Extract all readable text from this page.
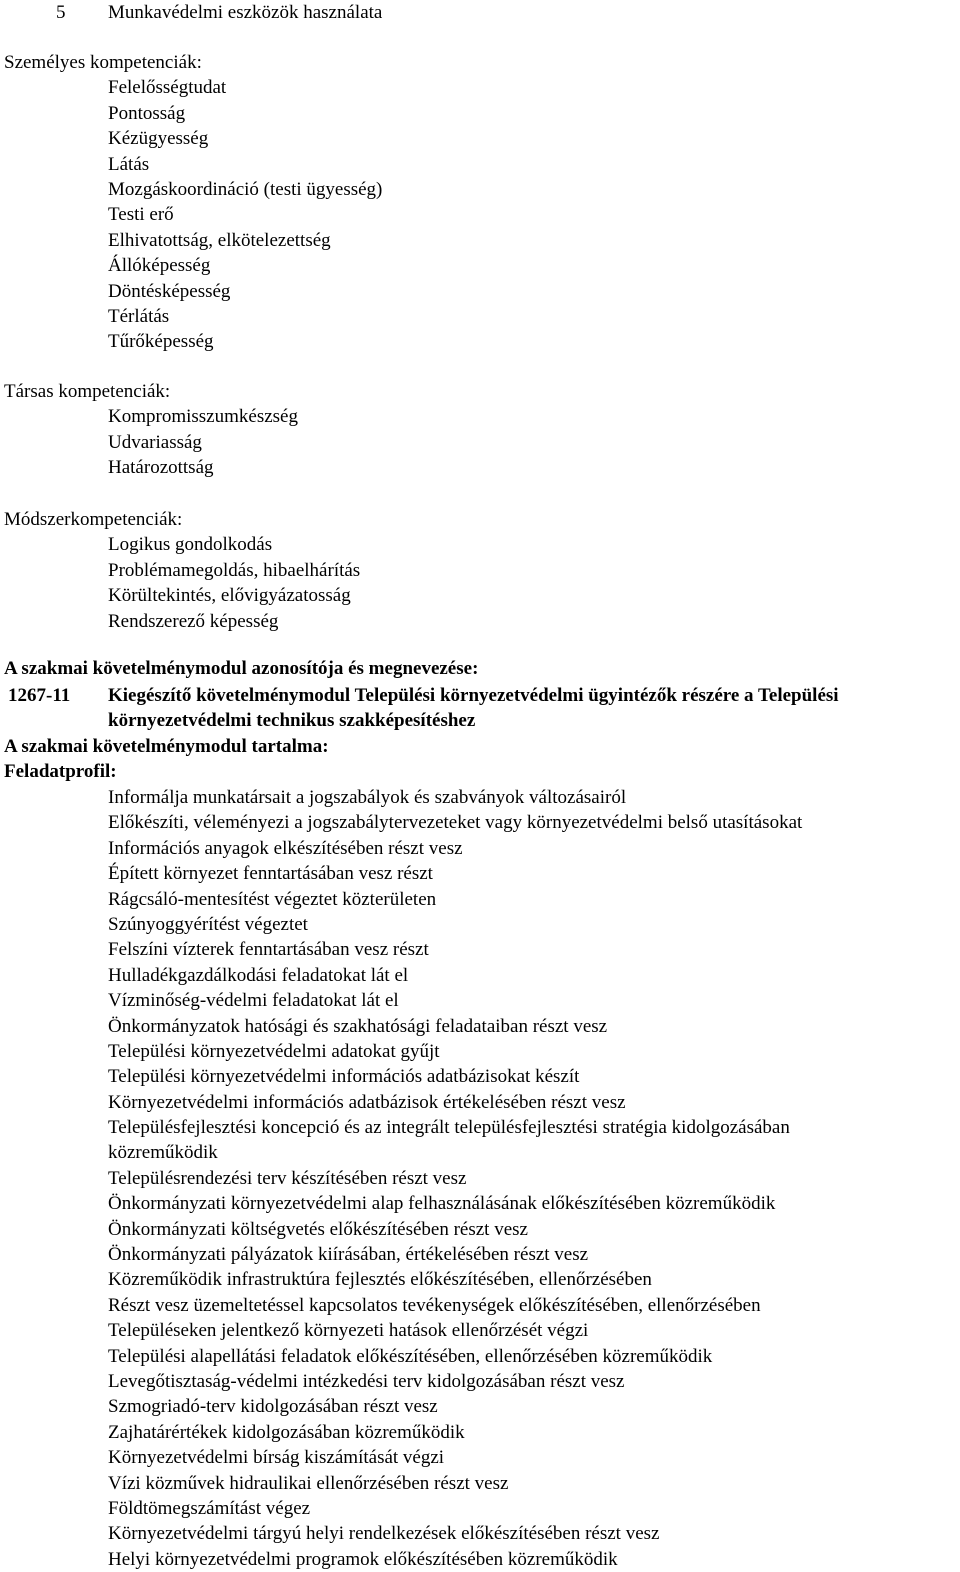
5 Munkavédelmi eszközök használata
Személyes kompetenciák:
Felelősségtudat
Pontosság
Kézügyesség
Látás
Mozgáskoordináció (testi ügyesség)
Testi erő
Elhivatottság, elkötelezettség
Állóképesség
Döntésképesség
Térlátás
Tűrőképesség
Társas kompetenciák:
Kompromisszumkészség
Udvariasság
Határozottság
Módszerkompetenciák:
Logikus gondolkodás
Problémamegoldás, hibaelhárítás
Körültekintés, elővigyázatosság
Rendszerező képesség
A szakmai követelménymodul azonosítója és megnevezése:
1267-11 Kiegészítő követelménymodul Települési környezetvédelmi ügyintézők részére a Települési
környezetvédelmi technikus szakképesítéshez
A szakmai követelménymodul tartalma:
Feladatprofil:
Informálja munkatársait a jogszabályok és szabványok változásairól
Előkészíti, véleményezi a jogszabálytervezeteket vagy környezetvédelmi belső utasításokat
Információs anyagok elkészítésében részt vesz
Épített környezet fenntartásában vesz részt
Rágcsáló-mentesítést végeztet közterületen
Szúnyoggyérítést végeztet
Felszíni vízterek fenntartásában vesz részt
Hulladékgazdálkodási feladatokat lát el
Vízminőség-védelmi feladatokat lát el
Önkormányzatok hatósági és szakhatósági feladataiban részt vesz
Települési környezetvédelmi adatokat gyűjt
Települési környezetvédelmi információs adatbázisokat készít
Környezetvédelmi információs adatbázisok értékelésében részt vesz
Településfejlesztési koncepció és az integrált településfejlesztési stratégia kidolgozásában
közreműködik
Településrendezési terv készítésében részt vesz
Önkormányzati környezetvédelmi alap felhasználásának előkészítésében közreműködik
Önkormányzati költségvetés előkészítésében részt vesz
Önkormányzati pályázatok kiírásában, értékelésében részt vesz
Közreműködik infrastruktúra fejlesztés előkészítésében, ellenőrzésében
Részt vesz üzemeltetéssel kapcsolatos tevékenységek előkészítésében, ellenőrzésében
Településeken jelentkező környezeti hatások ellenőrzését végzi
Települési alapellátási feladatok előkészítésében, ellenőrzésében közreműködik
Levegőtisztaság-védelmi intézkedési terv kidolgozásában részt vesz
Szmogriadó-terv kidolgozásában részt vesz
Zajhatárértékek kidolgozásában közreműködik
Környezetvédelmi bírság kiszámítását végzi
Vízi közművek hidraulikai ellenőrzésében részt vesz
Földtömegszámítást végez
Környezetvédelmi tárgyú helyi rendelkezések előkészítésében részt vesz
Helyi környezetvédelmi programok előkészítésében közreműködik
